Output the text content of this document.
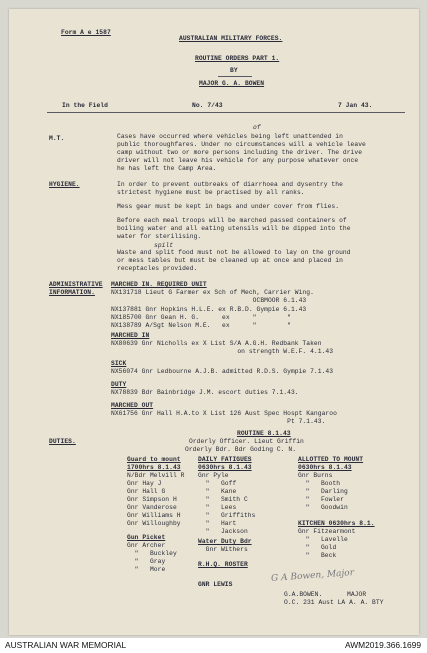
Form A e 1587
AUSTRALIAN MILITARY FORCES.
ROUTINE ORDERS PART 1.
BY
MAJOR G. A. BOWEN
In the Field	No. 7/43	7 Jan 43.
M.T.
of
Cases have occurred where vehicles being left unattended in
public thoroughfares. Under no circumstances will a vehicle leave
camp without two or more persons including the driver. The drive
driver will not leave his vehicle for any purpose whatever once
he has left the Camp Area.
HYGIENE.	In order to prevent outbreaks of diarrhoea and dysentry the
strictest hygiene must be practised by all ranks.
Mess gear must be kept in bags and under cover from flies.
Before each meal troops will be marched passed containers of
boiling water and all eating utensils will be dipped into the
water for sterilising.
spilt
Waste and split food must not be allowed to lay on the ground
or mess tables but must be cleaned up at once and placed in
receptacles provided.
ADMINISTRATIVE
INFORMATION.
MARCHED IN. REQUIRED UNIT
NX131718 Lieut G Farmer ex Sch of Mech, Carrier Wing.
OCBMOOR 6.1.43
NX137881 Gnr Hopkins H.L.E. ex R.B.D. Gympie 6.1.43
NX185700 Gnr Gean H. G.      ex      "        "
NX138789 A/Sgt Nelson M.E.   ex      "        "
MARCHED IN
NX80639 Gnr Nicholls ex X List S/A A.G.H. Redbank Taken
on strength W.E.F. 4.1.43
SICK
NX56074 Gnr Ledbourne A.J.B. admitted R.D.S. Gympie 7.1.43
DUTY
NX78839 Bdr Bainbridge J.M. escort duties 7.1.43.
MARCHED OUT
NX61756 Gnr Hall H.A.to X List 126 Aust Spec Hospt Kangaroo
Pt 7.1.43.
DUTIES.
ROUTINE 8.1.43
Orderly Officer. Lieut Griffin
Orderly Bdr. Bdr Goding C. N.
Guard to mount
1700hrs 8.1.43
N/Bdr Melvill R
Gnr Hay J
Gnr Hall G
Gnr Simpson H
Gnr Vanderose
Gnr Williams H
Gnr Willoughby
Gun Picket
Gnr Archer
"   Buckley
"   Gray
"   More
DAILY FATIGUES
0630hrs 8.1.43
Gnr Pyle
"   Goff
"   Kane
"   Smith C
"   Lees
"   Griffiths
"   Hart
"   Jackson
Water Duty Bdr
Gnr Withers
ALLOTTED TO MOUNT
0630hrs 8.1.43
Gnr Burns
"   Booth
"   Darling
"   Fowler
"   Goodwin
KITCHEN 0630hrs 8.1.
Gnr Fitzearmont
"   Lavelle
"   Gold
"   Beck
R.H.Q. ROSTER
GNR LEWIS
G A Bowen, Major
G.A.BOWEN.	MAJOR
O.C. 231 Aust LA A. A. BTY
AUSTRALIAN WAR MEMORIAL	AWM2019.366.1699
